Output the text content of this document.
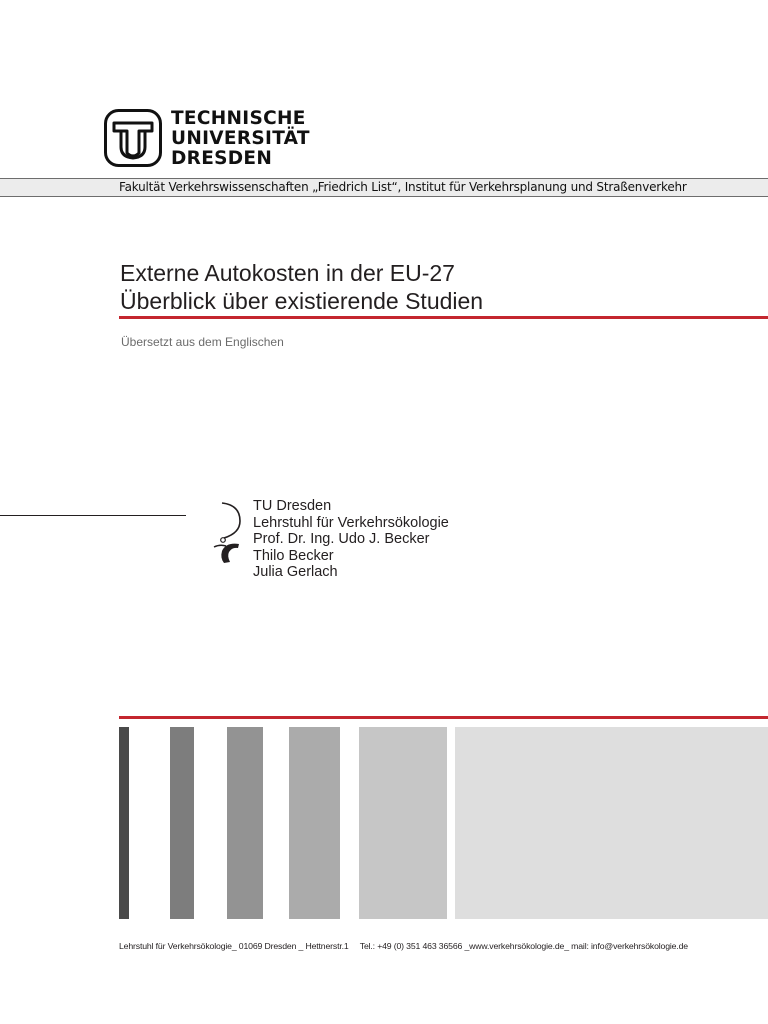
TECHNISCHE
UNIVERSITÄT
DRESDEN
Fakultät Verkehrswissenschaften „Friedrich List“, Institut für Verkehrsplanung und Straßenverkehr
Externe Autokosten in der EU-27
Überblick über existierende Studien
Übersetzt aus dem Englischen
TU Dresden
Lehrstuhl für Verkehrsökologie
Prof. Dr. Ing. Udo J. Becker
Thilo Becker
Julia Gerlach
Lehrstuhl für Verkehrsökologie_ 01069 Dresden _ Hettnerstr.1 Tel.: +49 (0) 351 463 36566 _www.verkehrsökologie.de_ mail: info@verkehrsökologie.de
